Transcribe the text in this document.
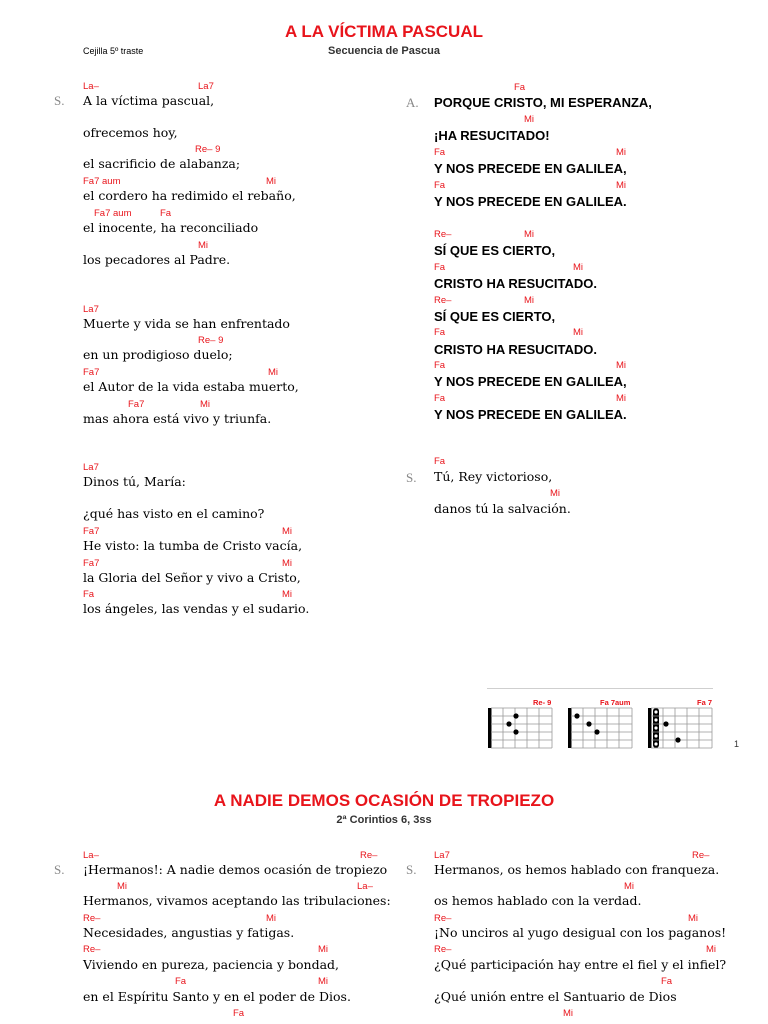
A LA VÍCTIMA PASCUAL
Secuencia de Pascua
Cejilla 5º traste
S.	A.
S.
La–	La7
A la víctima pascual,
ofrecemos hoy,
Re– 9
el sacrificio de alabanza;
Fa7 aum	Mi
el cordero ha redimido el rebaño,
Fa7 aum	Fa
el inocente, ha reconciliado
Mi
los pecadores al Padre.
La7
Muerte y vida se han enfrentado
Re– 9
en un prodigioso duelo;
Fa7	Mi
el Autor de la vida estaba muerto,
Fa7	Mi
mas ahora está vivo y triunfa.
La7
Dinos tú, María:
¿qué has visto en el camino?
Fa7	Mi
He visto: la tumba de Cristo vacía,
Fa7	Mi
la Gloria del Señor y vivo a Cristo,
Fa	Mi
los ángeles, las vendas y el sudario.
Fa
PORQUE CRISTO, MI ESPERANZA,
Mi
¡HA RESUCITADO!
Fa	Mi
Y NOS PRECEDE EN GALILEA,
Fa	Mi
Y NOS PRECEDE EN GALILEA.
Re–	Mi
SÍ QUE ES CIERTO,
Fa	Mi
CRISTO HA RESUCITADO.
Re–	Mi
SÍ QUE ES CIERTO,
Fa	Mi
CRISTO HA RESUCITADO.
Fa	Mi
Y NOS PRECEDE EN GALILEA,
Fa	Mi
Y NOS PRECEDE EN GALILEA.
Fa
Tú, Rey victorioso,
Mi
danos tú la salvación.
Re- 9	Fa 7aum	Fa 7
1
A NADIE DEMOS OCASIÓN DE TROPIEZO
2ª Corintios 6, 3ss
S.	S.
La–	Re–
¡Hermanos!: A nadie demos ocasión de tropiezo
Mi	La–
Hermanos, vivamos aceptando las tribulaciones:
Re–	Mi
Necesidades, angustias y fatigas.
Re–	Mi
Viviendo en pureza, paciencia y bondad,
Fa	Mi
en el Espíritu Santo y en el poder de Dios.
Fa
La7	Re–
Hermanos, os hemos hablado con franqueza.
Mi
os hemos hablado con la verdad.
Re–	Mi
¡No unciros al yugo desigual con los paganos!
Re–	Mi
¿Qué participación hay entre el fiel y el infiel?
Fa
¿Qué unión entre el Santuario de Dios
Mi
